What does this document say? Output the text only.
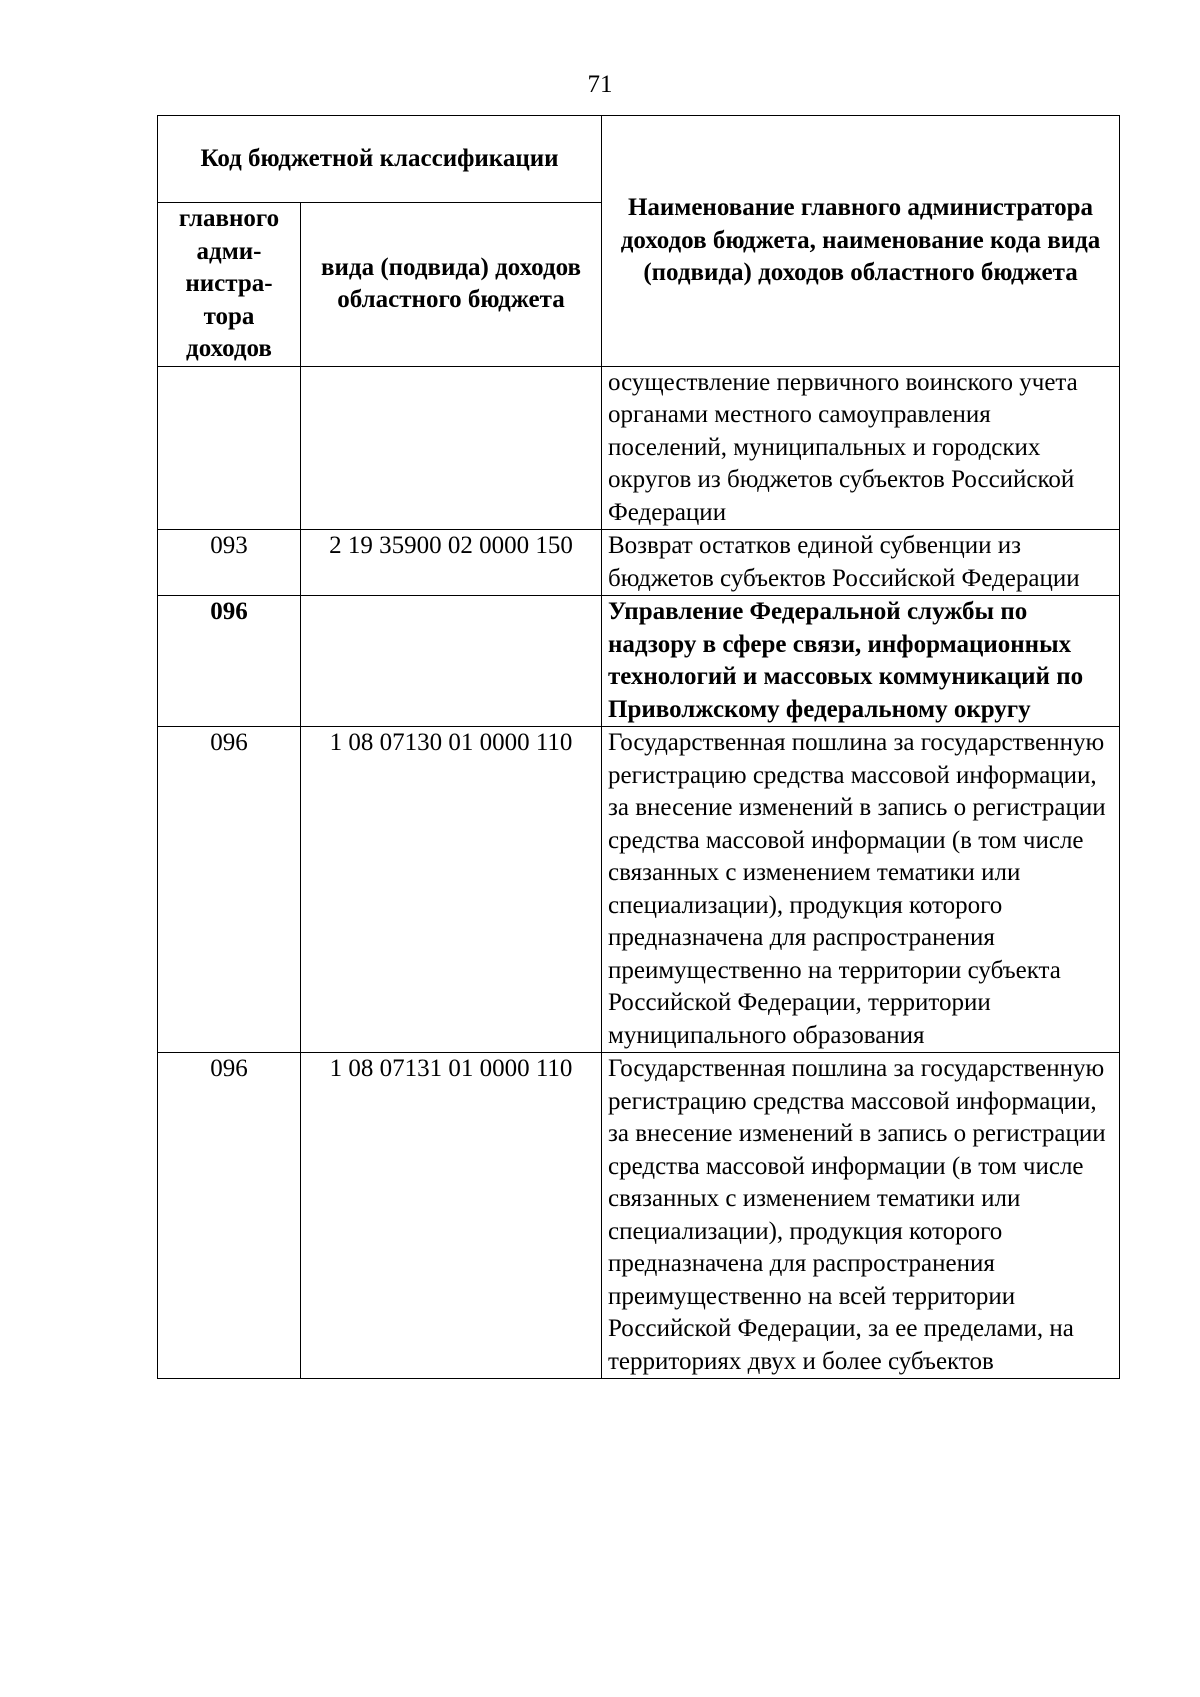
71
Код бюджетной классификации		Наименование главного администратора доходов бюджета, наименование кода вида (подвида) доходов областного бюджета

главного
адми-
нистра-
тора
доходов	вида (подвида) доходов областного бюджета	
		осуществление первичного воинского учета органами местного самоуправления поселений, муниципальных и городских округов из бюджетов субъектов Российской Федерации
093	2 19 35900 02 0000 150	Возврат остатков единой субвенции из бюджетов субъектов Российской Федерации
096		Управление Федеральной службы по надзору в сфере связи, информационных технологий и массовых коммуникаций по Приволжскому федеральному округу
096	1 08 07130 01 0000 110	Государственная пошлина за государственную регистрацию средства массовой информации, за внесение изменений в запись о регистрации средства массовой информации (в том числе связанных с изменением тематики или специализации), продукция которого предназначена для распространения преимущественно на территории субъекта Российской Федерации, территории муниципального образования
096	1 08 07131 01 0000 110	Государственная пошлина за государственную регистрацию средства массовой информации, за внесение изменений в запись о регистрации средства массовой информации (в том числе связанных с изменением тематики или специализации), продукция которого предназначена для распространения преимущественно на всей территории Российской Федерации, за ее пределами, на территориях двух и более субъектов
